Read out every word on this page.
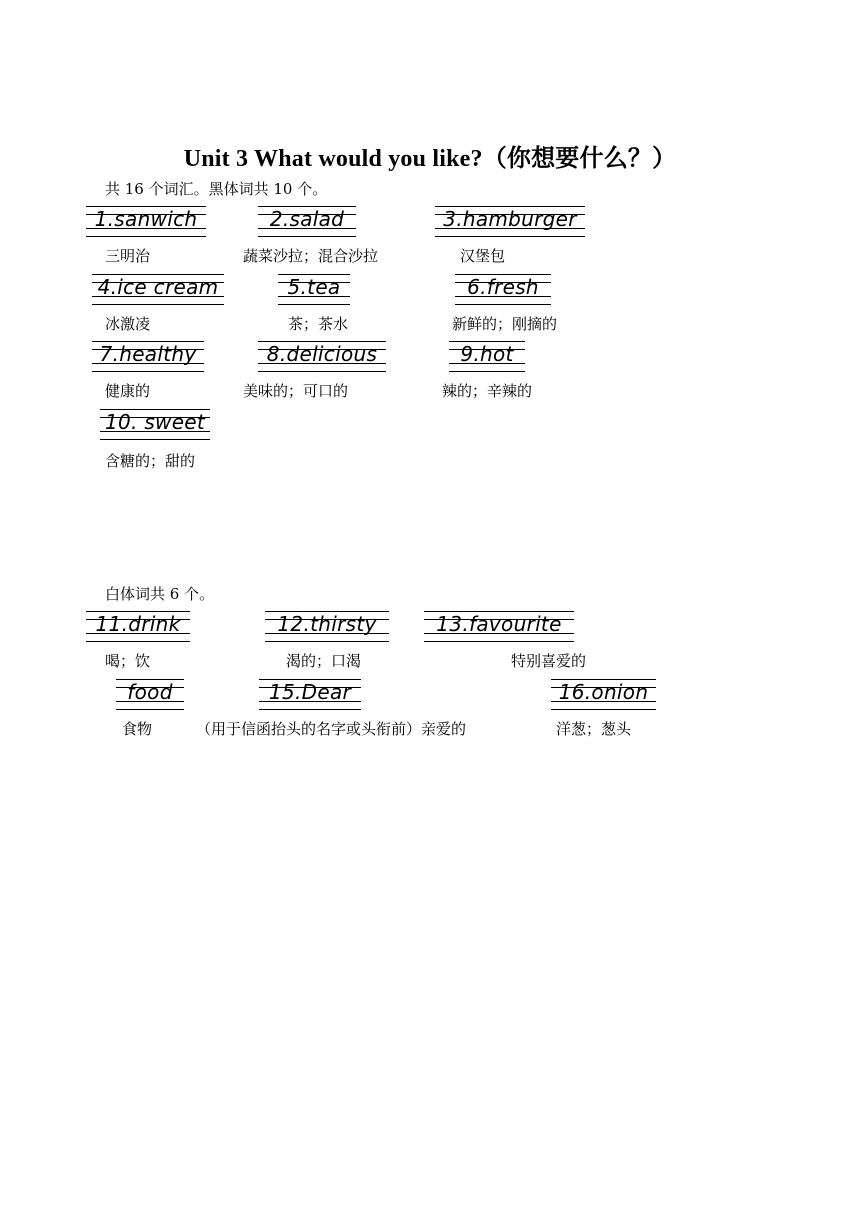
Unit 3 What would you like?（你想要什么？）
共 16 个词汇。黑体词共 10 个。
1.sanwich
三明治
2.salad
蔬菜沙拉；混合沙拉
3.hamburger
汉堡包
4.ice cream
冰激凌
5.tea
茶；茶水
6.fresh
新鲜的；刚摘的
7.healthy
健康的
8.delicious
美味的；可口的
9.hot
辣的；辛辣的
10. sweet
含糖的；甜的
白体词共 6 个。
11.drink
喝；饮
12.thirsty
渴的；口渴
13.favourite
特别喜爱的
food
食物
15.Dear
（用于信函抬头的名字或头衔前）亲爱的
16.onion
洋葱；葱头
